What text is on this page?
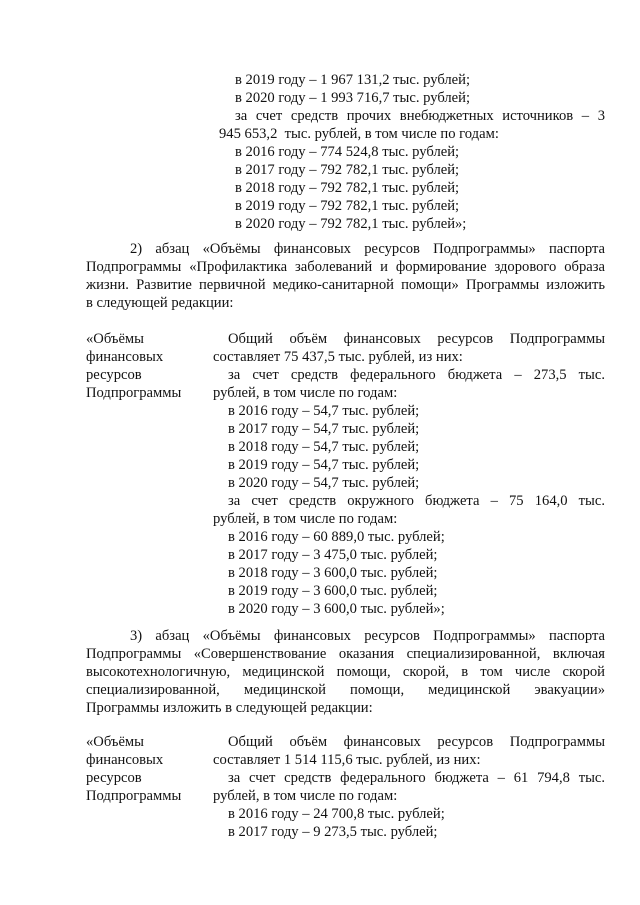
в 2019 году – 1 967 131,2 тыс. рублей;
в 2020 году – 1 993 716,7 тыс. рублей;
за счет средств прочих внебюджетных источников – 3
945 653,2  тыс. рублей, в том числе по годам:
в 2016 году – 774 524,8 тыс. рублей;
в 2017 году – 792 782,1 тыс. рублей;
в 2018 году – 792 782,1 тыс. рублей;
в 2019 году – 792 782,1 тыс. рублей;
в 2020 году – 792 782,1 тыс. рублей»;
2) абзац «Объёмы финансовых ресурсов Подпрограммы» паспорта
Подпрограммы «Профилактика заболеваний и формирование здорового образа
жизни. Развитие первичной медико-санитарной помощи» Программы изложить
в следующей редакции:
«Объёмы
финансовых
ресурсов
Подпрограммы
Общий объём финансовых ресурсов Подпрограммы
составляет 75 437,5 тыс. рублей, из них:
за счет средств федерального бюджета – 273,5 тыс.
рублей, в том числе по годам:
в 2016 году – 54,7 тыс. рублей;
в 2017 году – 54,7 тыс. рублей;
в 2018 году – 54,7 тыс. рублей;
в 2019 году – 54,7 тыс. рублей;
в 2020 году – 54,7 тыс. рублей;
за счет средств окружного бюджета – 75 164,0 тыс.
рублей, в том числе по годам:
в 2016 году – 60 889,0 тыс. рублей;
в 2017 году – 3 475,0 тыс. рублей;
в 2018 году – 3 600,0 тыс. рублей;
в 2019 году – 3 600,0 тыс. рублей;
в 2020 году – 3 600,0 тыс. рублей»;
3) абзац «Объёмы финансовых ресурсов Подпрограммы» паспорта
Подпрограммы «Совершенствование оказания специализированной, включая
высокотехнологичную, медицинской помощи, скорой, в том числе скорой
специализированной, медицинской помощи, медицинской эвакуации»
Программы изложить в следующей редакции:
«Объёмы
финансовых
ресурсов
Подпрограммы
Общий объём финансовых ресурсов Подпрограммы
составляет 1 514 115,6 тыс. рублей, из них:
за счет средств федерального бюджета – 61 794,8 тыс.
рублей, в том числе по годам:
в 2016 году – 24 700,8 тыс. рублей;
в 2017 году – 9 273,5 тыс. рублей;
